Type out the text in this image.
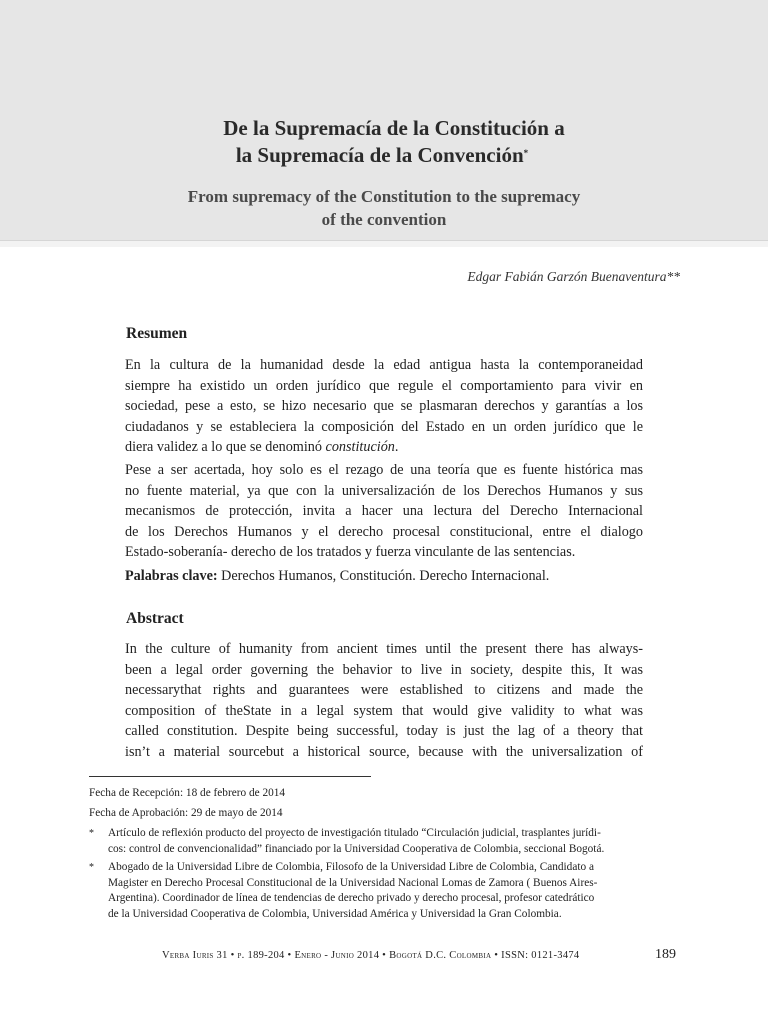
De la Supremacía de la Constitución a
la Supremacía de la Convención*
From supremacy of the Constitution to the supremacy
of the convention
Edgar Fabián Garzón Buenaventura**
Resumen
En la cultura de la humanidad desde la edad antigua hasta la contemporaneidad
siempre ha existido un orden jurídico que regule el comportamiento para vivir en
sociedad, pese a esto, se hizo necesario que se plasmaran derechos y garantías a los
ciudadanos y se estableciera la composición del Estado en un orden jurídico que le
diera validez a lo que se denominó constitución.
Pese a ser acertada, hoy solo es el rezago de una teoría que es fuente histórica mas
no fuente material, ya que con la universalización de los Derechos Humanos y sus
mecanismos de protección, invita a hacer una lectura del Derecho Internacional
de los Derechos Humanos y el derecho procesal constitucional, entre el dialogo
Estado-soberanía- derecho de los tratados y fuerza vinculante de las sentencias.
Palabras clave: Derechos Humanos, Constitución. Derecho Internacional.
Abstract
In the culture of humanity from ancient times until the present there has always-
been a legal order governing the behavior to live in society, despite this, It was
necessarythat rights and guarantees were established to citizens and made the
composition of theState in a legal system that would give validity to what was
called constitution. Despite being successful, today is just the lag of a theory that
isn’t a material sourcebut a historical source, because with the universalization of
Fecha de Recepción: 18 de febrero de 2014
Fecha de Aprobación: 29 de mayo de 2014
* Artículo de reflexión producto del proyecto de investigación titulado “Circulación judicial, trasplantes jurídi-
cos: control de convencionalidad” financiado por la Universidad Cooperativa de Colombia, seccional Bogotá.
* Abogado de la Universidad Libre de Colombia, Filosofo de la Universidad Libre de Colombia, Candidato a
Magister en Derecho Procesal Constitucional de la Universidad Nacional Lomas de Zamora ( Buenos Aires-
Argentina). Coordinador de línea de tendencias de derecho privado y derecho procesal, profesor catedrático
de la Universidad Cooperativa de Colombia, Universidad América y Universidad la Gran Colombia.
Verba Iuris 31 • p. 189-204 • Enero - Junio 2014 • Bogotá D.C. Colombia • ISSN: 0121-3474	189
